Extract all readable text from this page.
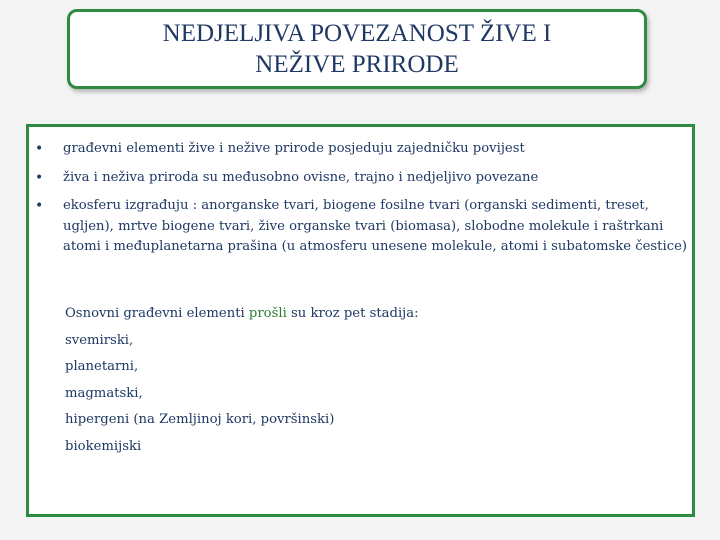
NEDJELJIVA POVEZANOST ŽIVE I
NEŽIVE PRIRODE
• građevni elementi žive i nežive prirode posjeduju zajedničku povijest
• živa i neživa priroda su međusobno ovisne, trajno i nedjeljivo povezane
• ekosferu izgrađuju : anorganske tvari, biogene fosilne tvari (organski sedimenti, treset, ugljen), mrtve biogene tvari, žive organske tvari (biomasa), slobodne molekule i raštrkani atomi i međuplanetarna prašina (u atmosferu unesene molekule, atomi i subatomske čestice)
Osnovni građevni elementi prošli su kroz pet stadija:
svemirski,
planetarni,
magmatski,
hipergeni (na Zemljinoj kori, površinski)
biokemijski
